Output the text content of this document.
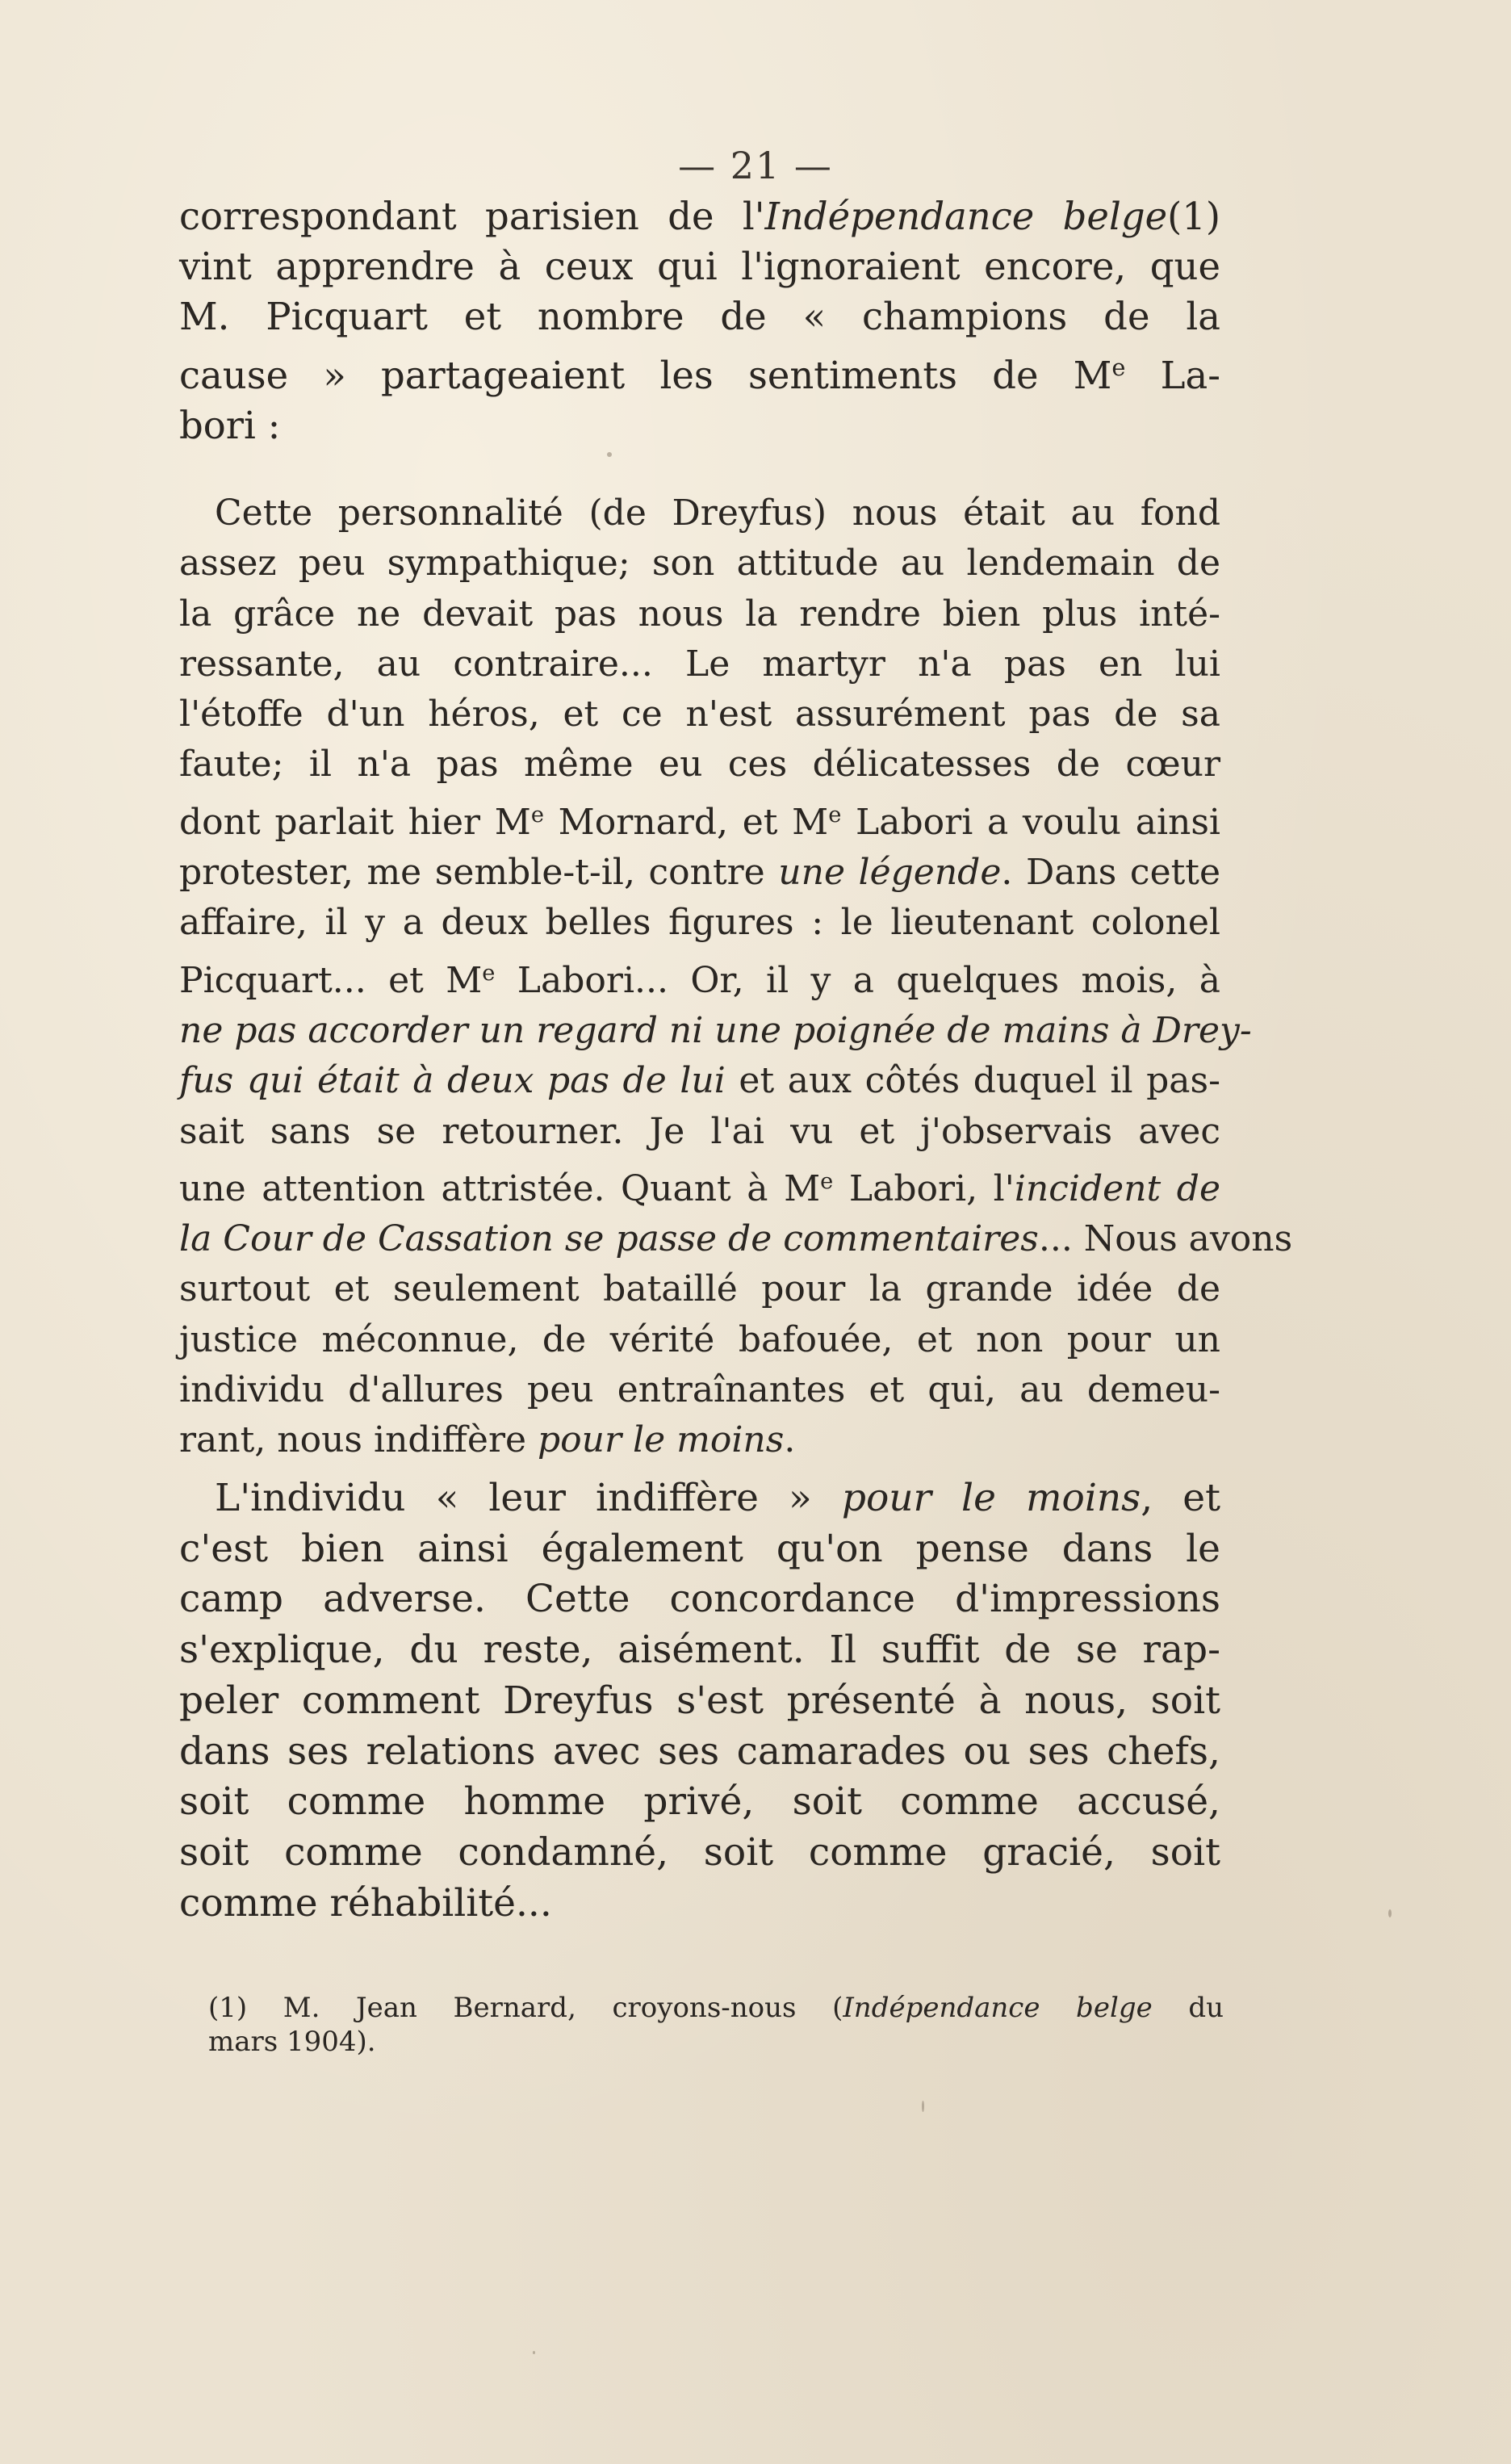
— 21 —
correspondant parisien de l'Indépendance belge(1)
vint apprendre à ceux qui l'ignoraient encore, que
M. Picquart et nombre de « champions de la
cause » partageaient les sentiments de Me La-
bori :
Cette personnalité (de Dreyfus) nous était au fond
assez peu sympathique; son attitude au lendemain de
la grâce ne devait pas nous la rendre bien plus inté-
ressante, au contraire... Le martyr n'a pas en lui
l'étoffe d'un héros, et ce n'est assurément pas de sa
faute; il n'a pas même eu ces délicatesses de cœur
dont parlait hier Me Mornard, et Me Labori a voulu ainsi
protester, me semble-t-il, contre une légende. Dans cette
affaire, il y a deux belles figures : le lieutenant colonel
Picquart... et Me Labori... Or, il y a quelques mois, à
ne pas accorder un regard ni une poignée de mains à Drey-
fus qui était à deux pas de lui et aux côtés duquel il pas-
sait sans se retourner. Je l'ai vu et j'observais avec
une attention attristée. Quant à Me Labori, l'incident de
la Cour de Cassation se passe de commentaires... Nous avons
surtout et seulement bataillé pour la grande idée de
justice méconnue, de vérité bafouée, et non pour un
individu d'allures peu entraînantes et qui, au demeu-
rant, nous indiffère pour le moins.
L'individu « leur indiffère » pour le moins, et
c'est bien ainsi également qu'on pense dans le
camp adverse. Cette concordance d'impressions
s'explique, du reste, aisément. Il suffit de se rap-
peler comment Dreyfus s'est présenté à nous, soit
dans ses relations avec ses camarades ou ses chefs,
soit comme homme privé, soit comme accusé,
soit comme condamné, soit comme gracié, soit
comme réhabilité...
(1) M. Jean Bernard, croyons-nous (Indépendance belge du
mars 1904).
